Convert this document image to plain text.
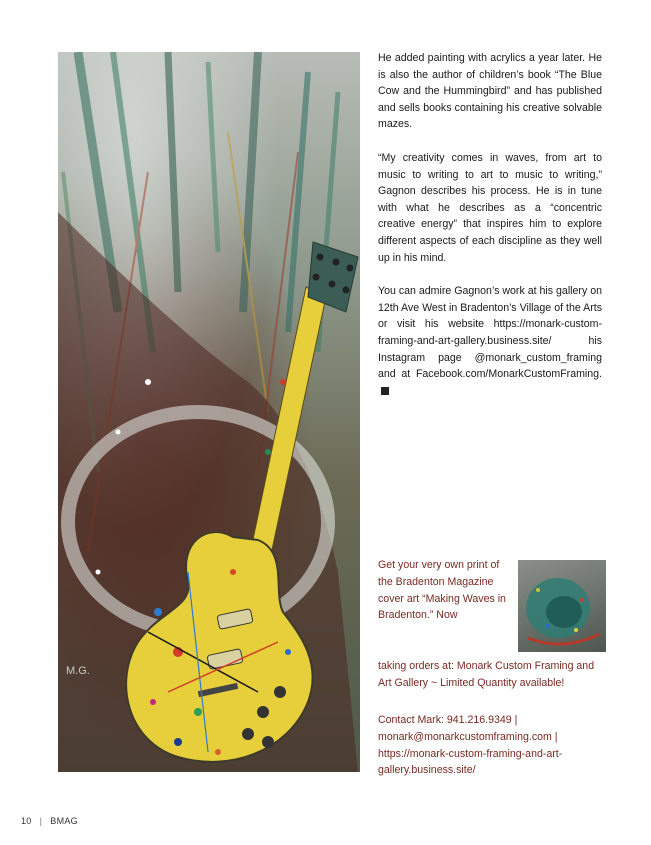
M.G.

He added painting with acrylics a year later. He is also the author of children’s book “The Blue Cow and the Hummingbird” and has published and sells books containing his creative solvable mazes.

“My creativity comes in waves, from art to music to writing to art to music to writing,” Gagnon describes his process. He is in tune with what he describes as a “concentric creative energy” that inspires him to explore different aspects of each discipline as they well up in his mind.

You can admire Gagnon’s work at his gallery on 12th Ave West in Bradenton’s Village of the Arts or visit his website https://monark-custom-framing-and-art-gallery.business.site/ his Instagram page @monark_custom_framing and at Facebook.com/MonarkCustomFraming.

Get your very own print of the Bradenton Magazine cover art “Making Waves in Bradenton.” Now
taking orders at: Monark Custom Framing and Art Gallery ~ Limited Quantity available!
Contact Mark: 941.216.9349 | monark@monarkcustomframing.com | https://monark-custom-framing-and-art-gallery.business.site/
10 | BMAG
